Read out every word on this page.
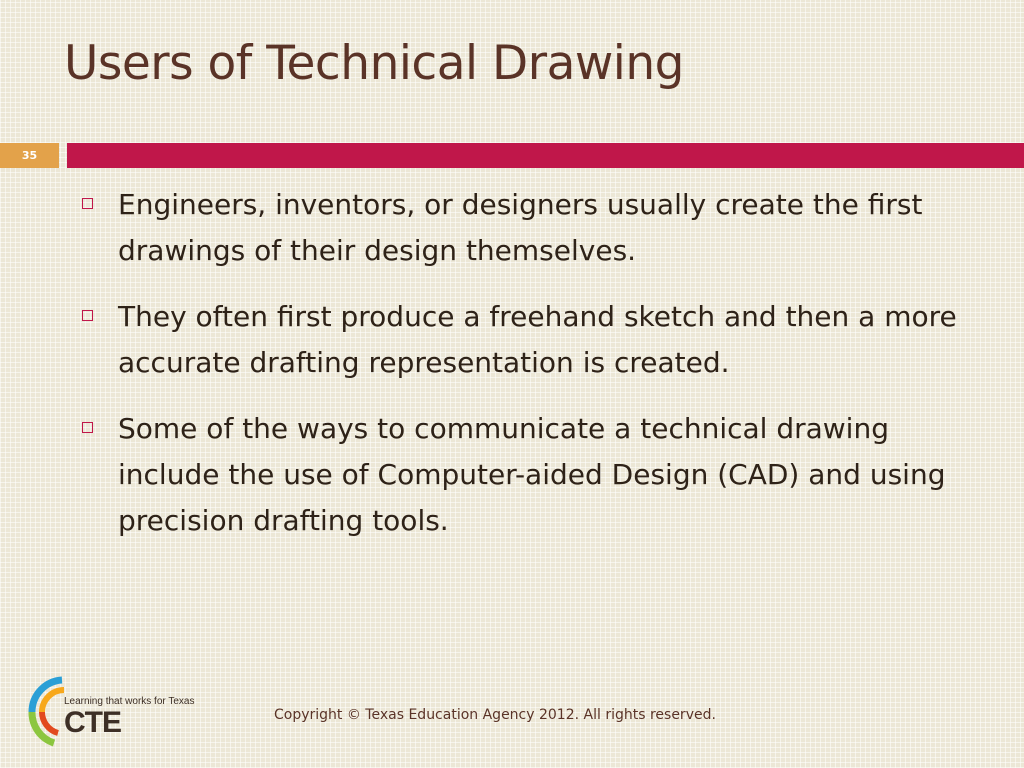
Users of Technical Drawing
35
Engineers, inventors, or designers usually create the first drawings of their design themselves.
They often first produce a freehand sketch and then a more accurate drafting representation is created.
Some of the ways to communicate a technical drawing include the use of Computer-aided Design (CAD) and using precision drafting tools.
Learning that works for Texas
CTE	Copyright © Texas Education Agency 2012. All rights reserved.
